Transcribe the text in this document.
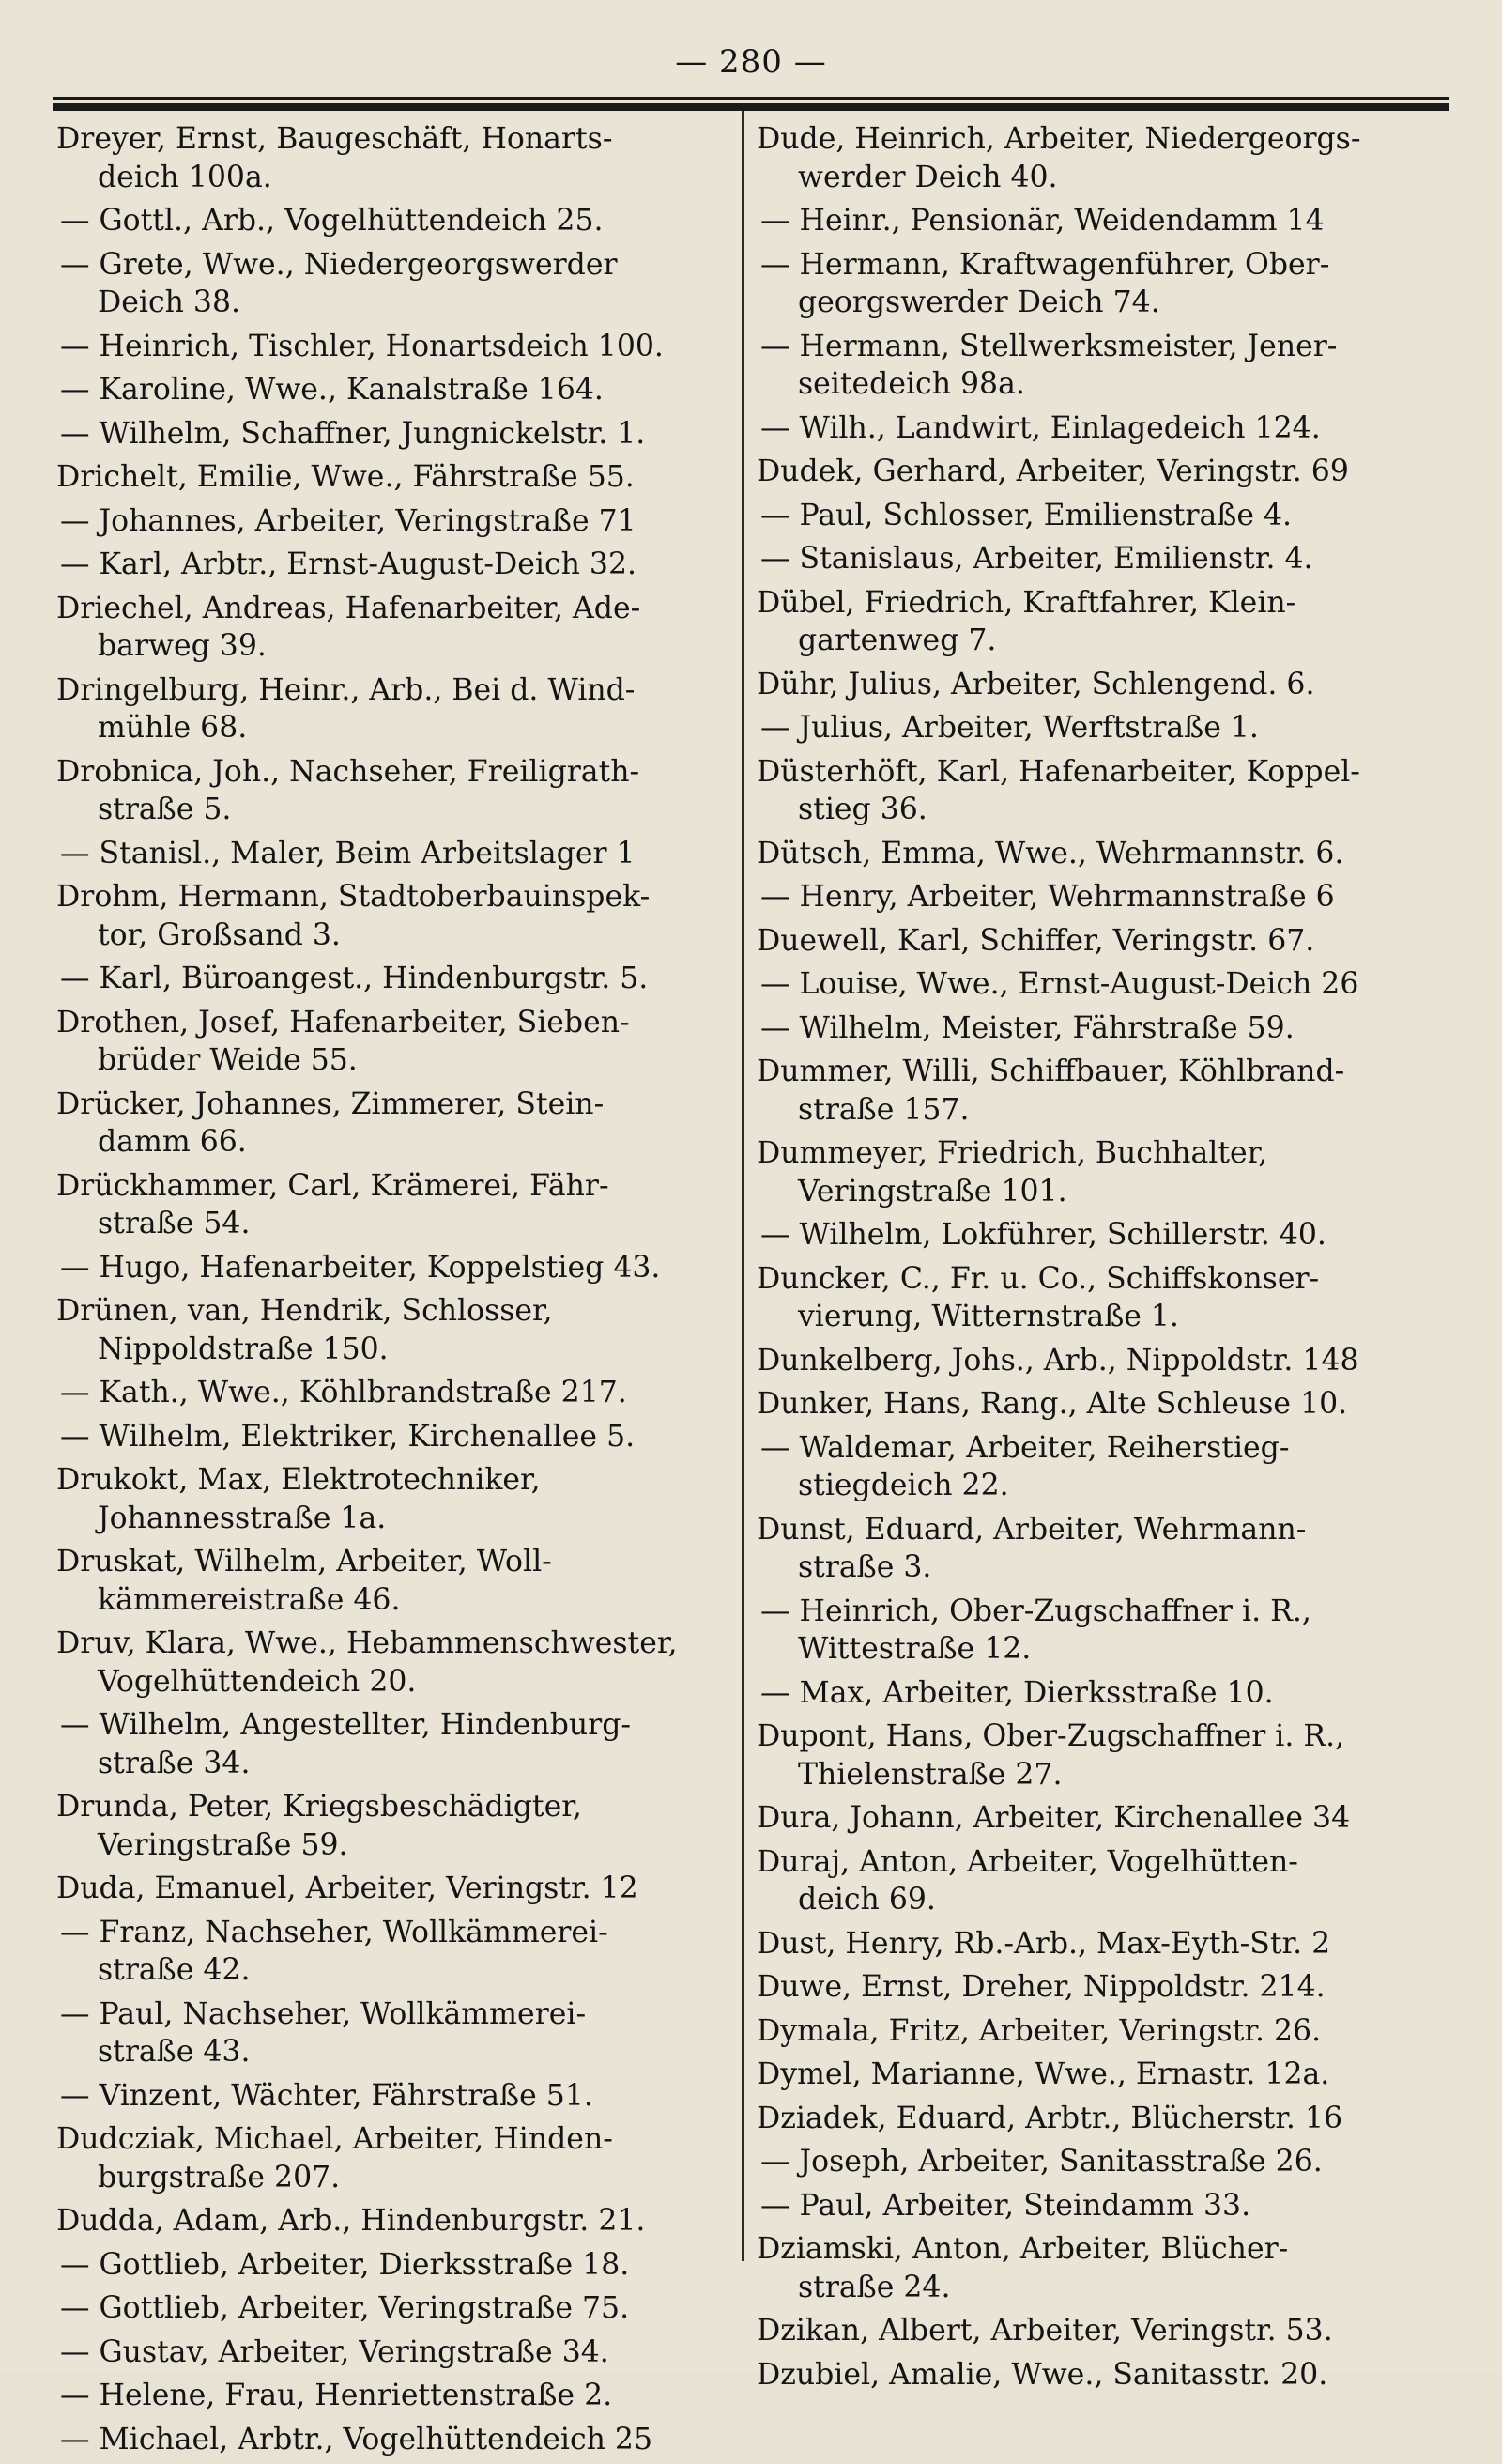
— 280 —
Dreyer, Ernst, Baugeschäft, Honarts-
deich 100a.
— Gottl., Arb., Vogelhüttendeich 25.
— Grete, Wwe., Niedergeorgswerder
Deich 38.
— Heinrich, Tischler, Honartsdeich 100.
— Karoline, Wwe., Kanalstraße 164.
— Wilhelm, Schaffner, Jungnickelstr. 1.
Drichelt, Emilie, Wwe., Fährstraße 55.
— Johannes, Arbeiter, Veringstraße 71
— Karl, Arbtr., Ernst-August-Deich 32.
Driechel, Andreas, Hafenarbeiter, Ade-
barweg 39.
Dringelburg, Heinr., Arb., Bei d. Wind-
mühle 68.
Drobnica, Joh., Nachseher, Freiligrath-
straße 5.
— Stanisl., Maler, Beim Arbeitslager 1
Drohm, Hermann, Stadtoberbauinspek-
tor, Großsand 3.
— Karl, Büroangest., Hindenburgstr. 5.
Drothen, Josef, Hafenarbeiter, Sieben-
brüder Weide 55.
Drücker, Johannes, Zimmerer, Stein-
damm 66.
Drückhammer, Carl, Krämerei, Fähr-
straße 54.
— Hugo, Hafenarbeiter, Koppelstieg 43.
Drünen, van, Hendrik, Schlosser,
Nippoldstraße 150.
— Kath., Wwe., Köhlbrandstraße 217.
— Wilhelm, Elektriker, Kirchenallee 5.
Drukokt, Max, Elektrotechniker,
Johannesstraße 1a.
Druskat, Wilhelm, Arbeiter, Woll-
kämmereistraße 46.
Druv, Klara, Wwe., Hebammenschwester,
Vogelhüttendeich 20.
— Wilhelm, Angestellter, Hindenburg-
straße 34.
Drunda, Peter, Kriegsbeschädigter,
Veringstraße 59.
Duda, Emanuel, Arbeiter, Veringstr. 12
— Franz, Nachseher, Wollkämmerei-
straße 42.
— Paul, Nachseher, Wollkämmerei-
straße 43.
— Vinzent, Wächter, Fährstraße 51.
Dudcziak, Michael, Arbeiter, Hinden-
burgstraße 207.
Dudda, Adam, Arb., Hindenburgstr. 21.
— Gottlieb, Arbeiter, Dierksstraße 18.
— Gottlieb, Arbeiter, Veringstraße 75.
— Gustav, Arbeiter, Veringstraße 34.
— Helene, Frau, Henriettenstraße 2.
— Michael, Arbtr., Vogelhüttendeich 25
Dude, Heinrich, Arbeiter, Niedergeorgs-
werder Deich 40.
— Heinr., Pensionär, Weidendamm 14
— Hermann, Kraftwagenführer, Ober-
georgswerder Deich 74.
— Hermann, Stellwerksmeister, Jener-
seitedeich 98a.
— Wilh., Landwirt, Einlagedeich 124.
Dudek, Gerhard, Arbeiter, Veringstr. 69
— Paul, Schlosser, Emilienstraße 4.
— Stanislaus, Arbeiter, Emilienstr. 4.
Dübel, Friedrich, Kraftfahrer, Klein-
gartenweg 7.
Dühr, Julius, Arbeiter, Schlengend. 6.
— Julius, Arbeiter, Werftstraße 1.
Düsterhöft, Karl, Hafenarbeiter, Koppel-
stieg 36.
Dütsch, Emma, Wwe., Wehrmannstr. 6.
— Henry, Arbeiter, Wehrmannstraße 6
Duewell, Karl, Schiffer, Veringstr. 67.
— Louise, Wwe., Ernst-August-Deich 26
— Wilhelm, Meister, Fährstraße 59.
Dummer, Willi, Schiffbauer, Köhlbrand-
straße 157.
Dummeyer, Friedrich, Buchhalter,
Veringstraße 101.
— Wilhelm, Lokführer, Schillerstr. 40.
Duncker, C., Fr. u. Co., Schiffskonser-
vierung, Witternstraße 1.
Dunkelberg, Johs., Arb., Nippoldstr. 148
Dunker, Hans, Rang., Alte Schleuse 10.
— Waldemar, Arbeiter, Reiherstieg-
stiegdeich 22.
Dunst, Eduard, Arbeiter, Wehrmann-
straße 3.
— Heinrich, Ober-Zugschaffner i. R.,
Wittestraße 12.
— Max, Arbeiter, Dierksstraße 10.
Dupont, Hans, Ober-Zugschaffner i. R.,
Thielenstraße 27.
Dura, Johann, Arbeiter, Kirchenallee 34
Duraj, Anton, Arbeiter, Vogelhütten-
deich 69.
Dust, Henry, Rb.-Arb., Max-Eyth-Str. 2
Duwe, Ernst, Dreher, Nippoldstr. 214.
Dymala, Fritz, Arbeiter, Veringstr. 26.
Dymel, Marianne, Wwe., Ernastr. 12a.
Dziadek, Eduard, Arbtr., Blücherstr. 16
— Joseph, Arbeiter, Sanitasstraße 26.
— Paul, Arbeiter, Steindamm 33.
Dziamski, Anton, Arbeiter, Blücher-
straße 24.
Dzikan, Albert, Arbeiter, Veringstr. 53.
Dzubiel, Amalie, Wwe., Sanitasstr. 20.
